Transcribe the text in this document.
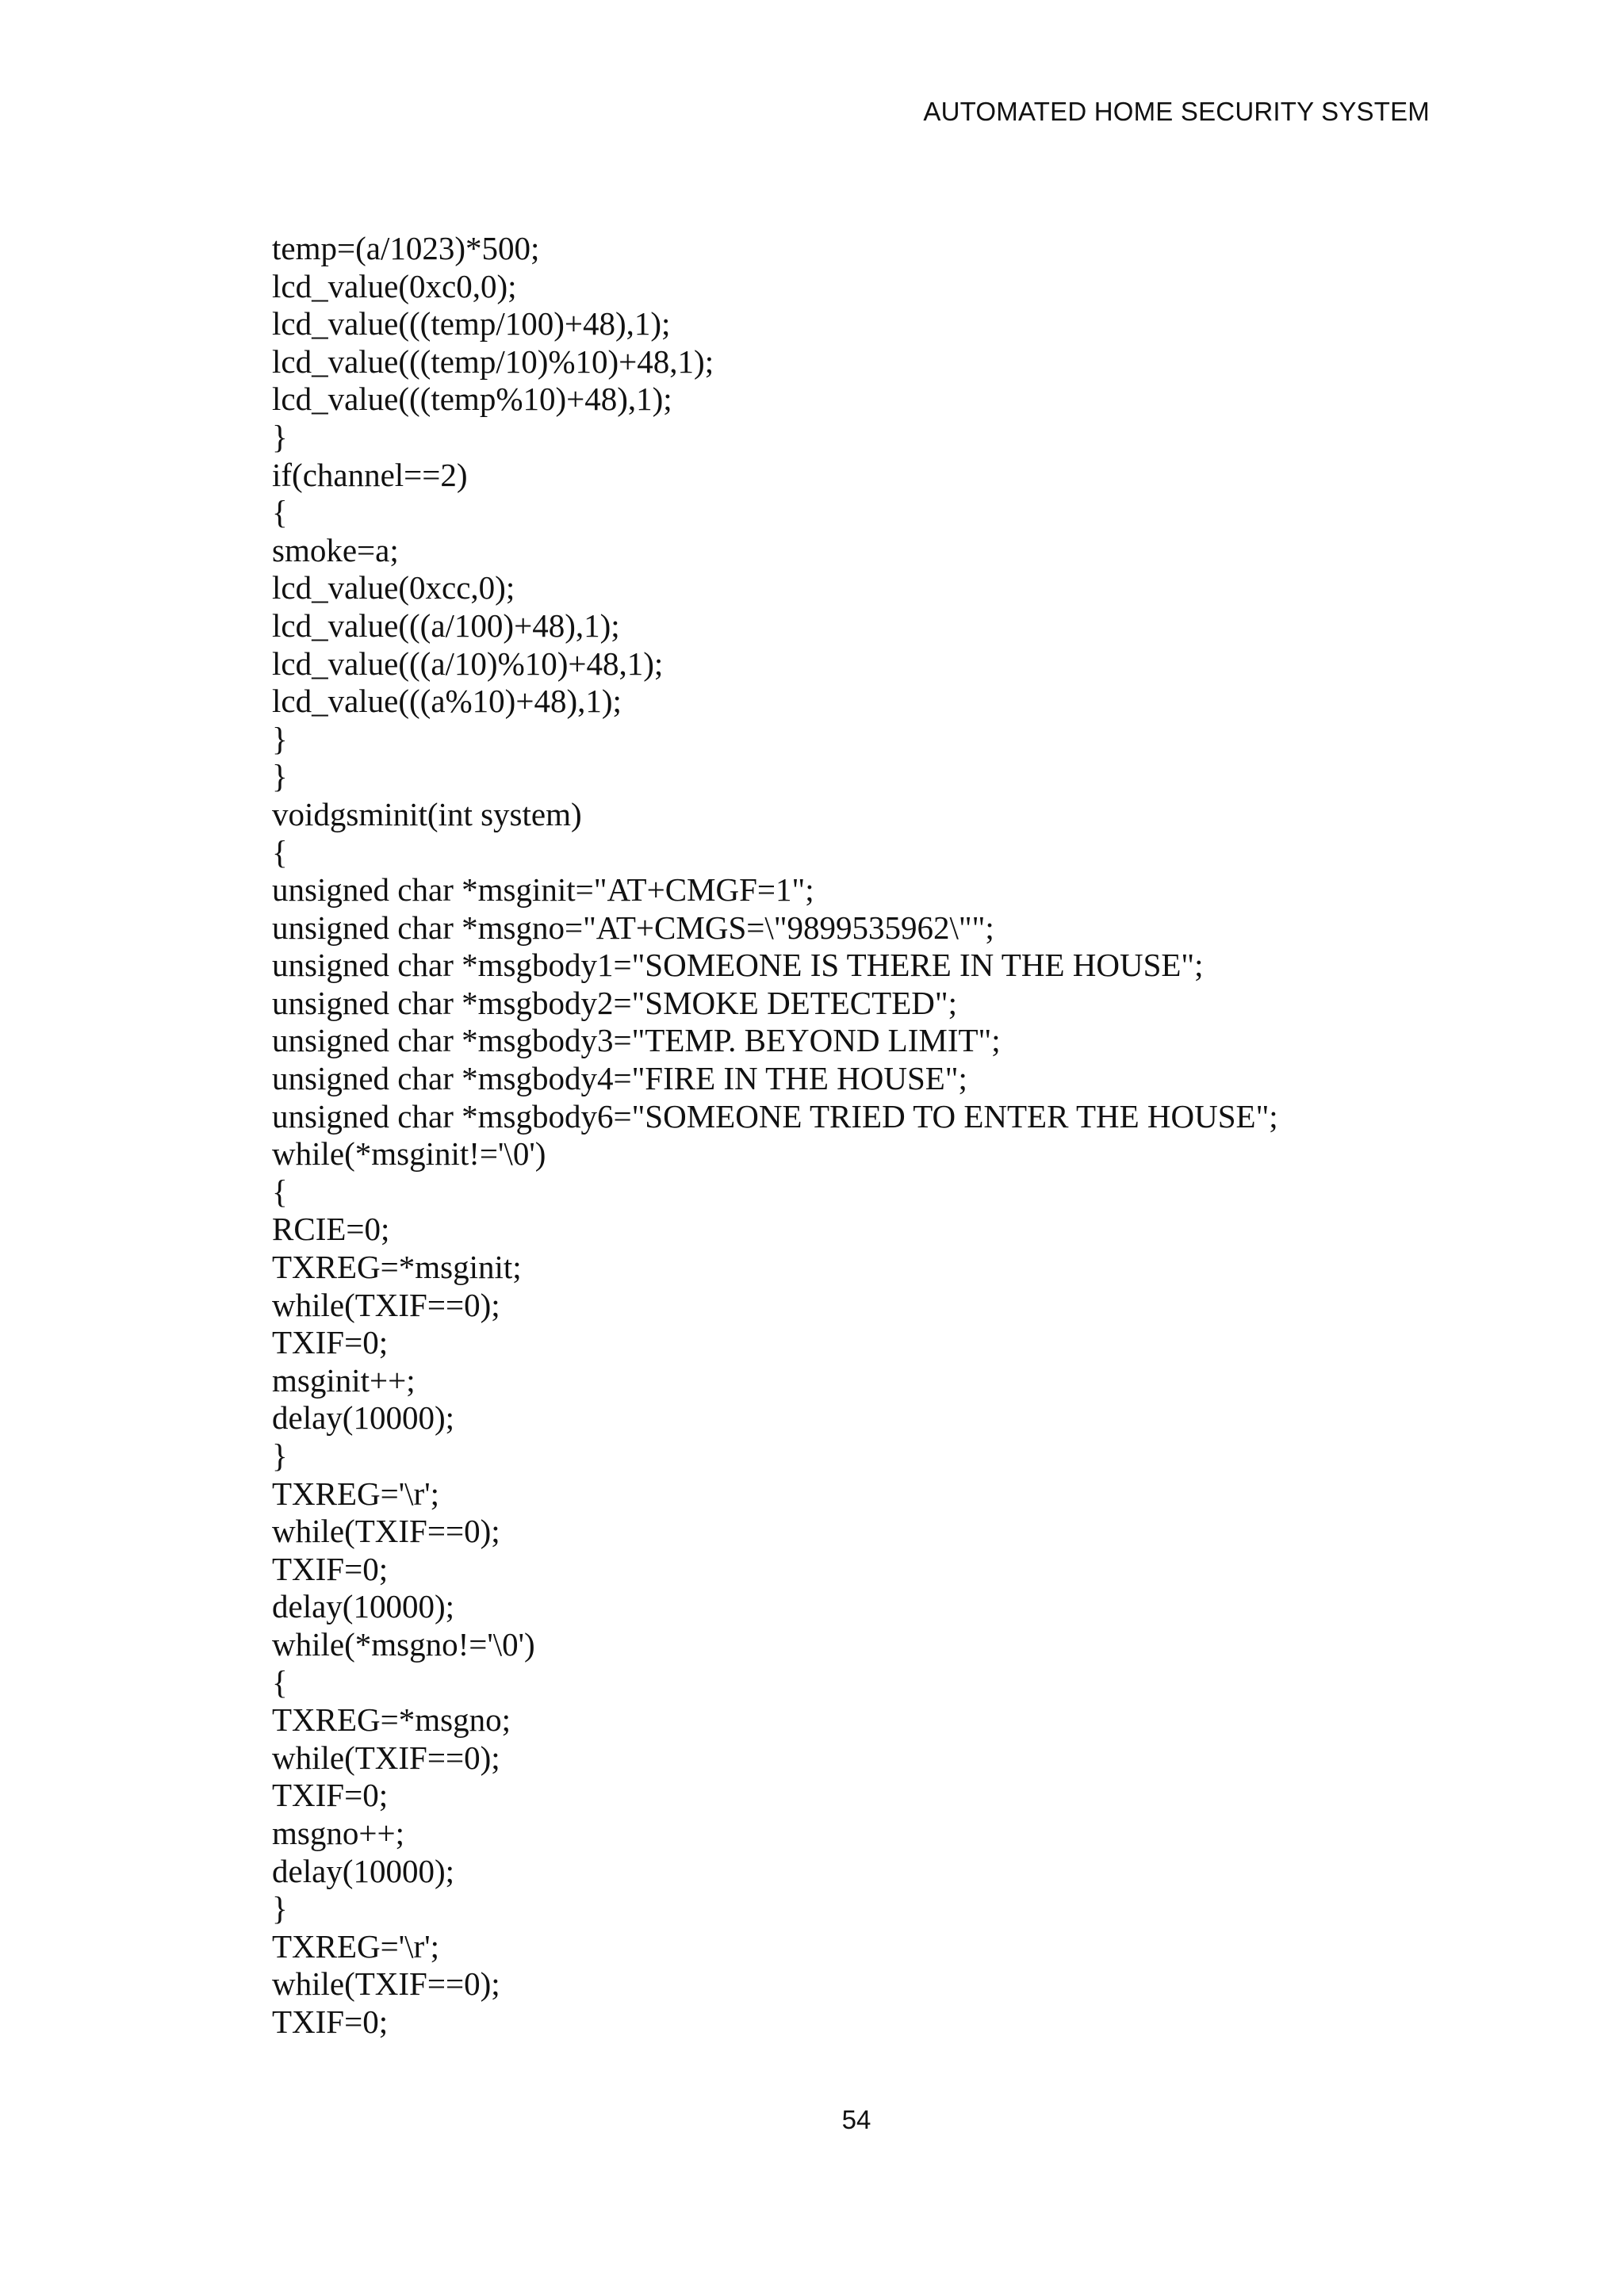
AUTOMATED HOME SECURITY SYSTEM
temp=(a/1023)*500;
lcd_value(0xc0,0);
lcd_value(((temp/100)+48),1);
lcd_value(((temp/10)%10)+48,1);
lcd_value(((temp%10)+48),1);
}
if(channel==2)
{
smoke=a;
lcd_value(0xcc,0);
lcd_value(((a/100)+48),1);
lcd_value(((a/10)%10)+48,1);
lcd_value(((a%10)+48),1);
}
}
voidgsminit(int system)
{
unsigned char *msginit="AT+CMGF=1";
unsigned char *msgno="AT+CMGS=\"9899535962\"";
unsigned char *msgbody1="SOMEONE IS THERE IN THE HOUSE";
unsigned char *msgbody2="SMOKE DETECTED";
unsigned char *msgbody3="TEMP. BEYOND LIMIT";
unsigned char *msgbody4="FIRE IN THE HOUSE";
unsigned char *msgbody6="SOMEONE TRIED TO ENTER THE HOUSE";
while(*msginit!='\0')
{
RCIE=0;
TXREG=*msginit;
while(TXIF==0);
TXIF=0;
msginit++;
delay(10000);
}
TXREG='\r';
while(TXIF==0);
TXIF=0;
delay(10000);
while(*msgno!='\0')
{
TXREG=*msgno;
while(TXIF==0);
TXIF=0;
msgno++;
delay(10000);
}
TXREG='\r';
while(TXIF==0);
TXIF=0;
54
